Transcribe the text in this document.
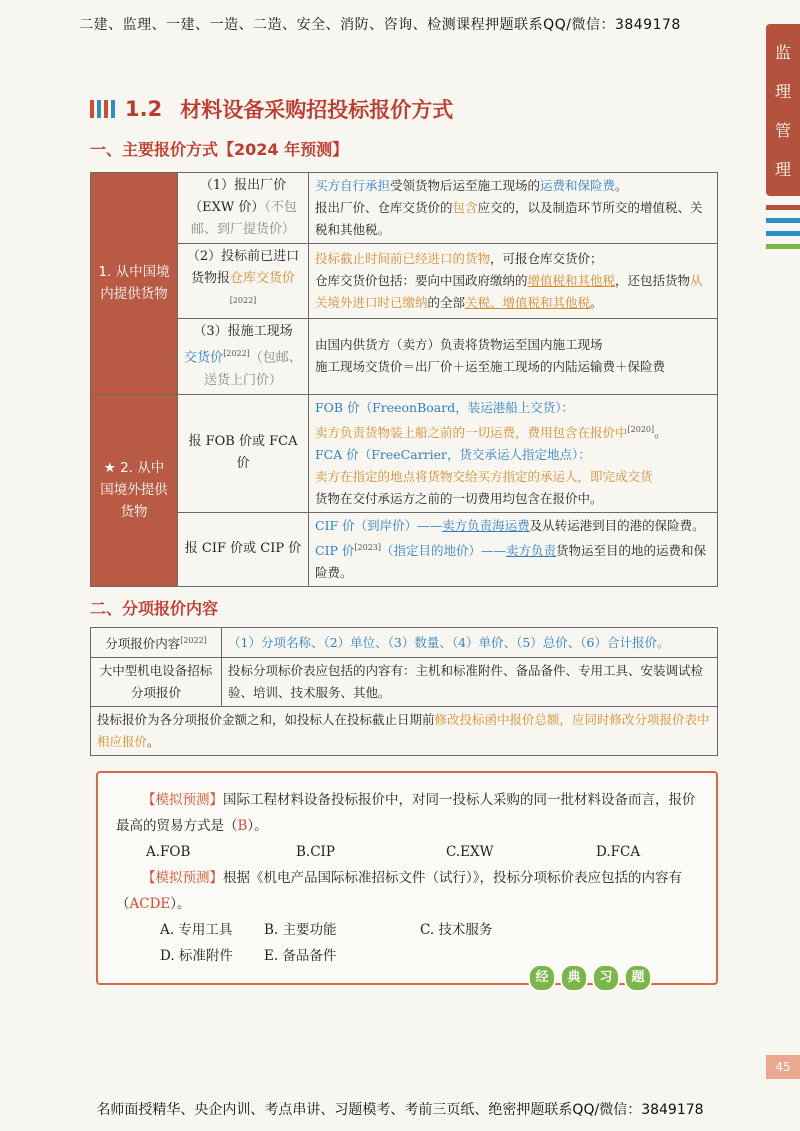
二建、监理、一建、一造、二造、安全、消防、咨询、检测课程押题联系QQ/微信：3849178
监
理
管
理
1.2 材料设备采购招投标报价方式
一、主要报价方式【2024 年预测】
1. 从中国境内提供货物	（1）报出厂价（EXW 价）（不包邮、到厂提货价）	买方自行承担受领货物后运至施工现场的运费和保险费。
报出厂价、仓库交货价的包含应交的，以及制造环节所交的增值税、关税和其他税。
	（2）投标前已进口货物报仓库交货价[2022]	投标截止时间前已经进口的货物，可报仓库交货价；
仓库交货价包括：要向中国政府缴纳的增值税和其他税，还包括货物从关境外进口时已缴纳的全部关税、增值税和其他税。
	（3）报施工现场
交货价[2022]（包邮、送货上门价）	由国内供货方（卖方）负责将货物运至国内施工现场
施工现场交货价＝出厂价＋运至施工现场的内陆运输费＋保险费
★ 2. 从中国境外提供货物	报 FOB 价或 FCA 价	FOB 价（FreeonBoard，装运港船上交货）：
卖方负责货物装上船之前的一切运费，费用包含在报价中[2020]。
FCA 价（FreeCarrier，货交承运人指定地点）：
卖方在指定的地点将货物交给买方指定的承运人，即完成交货
货物在交付承运方之前的一切费用均包含在报价中。
	报 CIF 价或 CIP 价	CIF 价（到岸价）——卖方负责海运费及从转运港到目的港的保险费。
CIP 价[2023]（指定目的地价）——卖方负责货物运至目的地的运费和保险费。
二、分项报价内容
分项报价内容[2022]	（1）分项名称、（2）单位、（3）数量、（4）单价、（5）总价、（6）合计报价。
大中型机电设备招标分项报价	投标分项标价表应包括的内容有：主机和标准附件、备品备件、专用工具、安装调试检验、培训、技术服务、其他。
投标报价为各分项报价金额之和，如投标人在投标截止日期前修改投标函中报价总额，应同时修改分项报价表中相应报价。	
【模拟预测】国际工程材料设备投标报价中，对同一投标人采购的同一批材料设备而言，报价最高的贸易方式是（B）。
A.FOB	B.CIP	C.EXW	D.FCA
【模拟预测】根据《机电产品国际标准招标文件（试行）》，投标分项标价表应包括的内容有（ACDE）。
A. 专用工具	B. 主要功能	C. 技术服务
D. 标准附件	E. 备品备件
经	典	习	题
45
名师面授精华、央企内训、考点串讲、习题模考、考前三页纸、绝密押题联系QQ/微信：3849178
